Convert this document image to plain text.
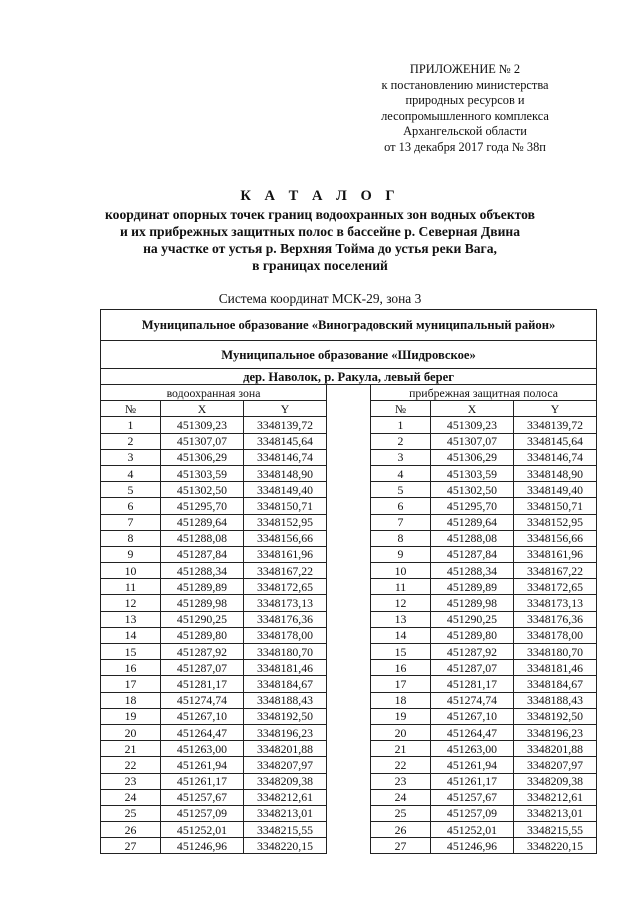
ПРИЛОЖЕНИЕ № 2
к постановлению министерства
природных ресурсов и
лесопромышленного комплекса
Архангельской области
от 13 декабря 2017 года № 38п
К А Т А Л О Г
координат опорных точек границ водоохранных зон водных объектов
и их прибрежных защитных полос в бассейне р. Северная Двина
на участке от устья р. Верхняя Тойма до устья реки Вага,
в границах поселений
Система координат МСК-29, зона 3
Муниципальное образование «Виноградовский муниципальный район»						
Муниципальное образование «Шидровское»						
дер. Наволок, р. Ракула, левый берег						
водоохранная зона				прибрежная защитная полоса		
№	X	Y		№	X	Y
1	451309,23	3348139,72		1	451309,23	3348139,72
2	451307,07	3348145,64		2	451307,07	3348145,64
3	451306,29	3348146,74		3	451306,29	3348146,74
4	451303,59	3348148,90		4	451303,59	3348148,90
5	451302,50	3348149,40		5	451302,50	3348149,40
6	451295,70	3348150,71		6	451295,70	3348150,71
7	451289,64	3348152,95		7	451289,64	3348152,95
8	451288,08	3348156,66		8	451288,08	3348156,66
9	451287,84	3348161,96		9	451287,84	3348161,96
10	451288,34	3348167,22		10	451288,34	3348167,22
11	451289,89	3348172,65		11	451289,89	3348172,65
12	451289,98	3348173,13		12	451289,98	3348173,13
13	451290,25	3348176,36		13	451290,25	3348176,36
14	451289,80	3348178,00		14	451289,80	3348178,00
15	451287,92	3348180,70		15	451287,92	3348180,70
16	451287,07	3348181,46		16	451287,07	3348181,46
17	451281,17	3348184,67		17	451281,17	3348184,67
18	451274,74	3348188,43		18	451274,74	3348188,43
19	451267,10	3348192,50		19	451267,10	3348192,50
20	451264,47	3348196,23		20	451264,47	3348196,23
21	451263,00	3348201,88		21	451263,00	3348201,88
22	451261,94	3348207,97		22	451261,94	3348207,97
23	451261,17	3348209,38		23	451261,17	3348209,38
24	451257,67	3348212,61		24	451257,67	3348212,61
25	451257,09	3348213,01		25	451257,09	3348213,01
26	451252,01	3348215,55		26	451252,01	3348215,55
27	451246,96	3348220,15		27	451246,96	3348220,15
